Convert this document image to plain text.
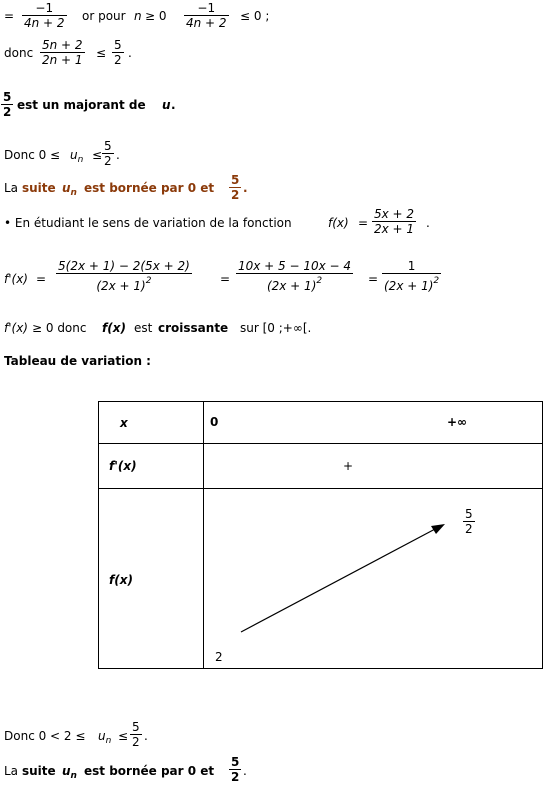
=
−1
4n + 2 or pour n ≥ 0
−1
4n + 2 ≤ 0 ;
donc
5n + 2
2n + 1 ≤
5
2 .
5
2 est un majorant de u .
Donc $0 \le u_n$ ≤
5
2 .
La suite $u_n$ est bornée par 0 et
5
2 .
• En étudiant le sens de variation de la fonction	f(x) =
5x + 2
2x + 1 .
f'(x) =
5(2x + 1) − 2(5x + 2)
$(2x + 1)^2$	=
10x + 5 − 10x − 4
$(2x + 1)^2$	=
1
$(2x + 1)^2$
f'(x) ≥ 0 donc f(x) est croissante sur [0 ;+∞[.
Tableau de variation :
x	0	+∞
f'(x)	+
f(x)
2
5
2
Donc $0 < 2 \le u_n$ ≤
5
2 .
La suite $u_n$ est bornée par 0 et
5
2 .
